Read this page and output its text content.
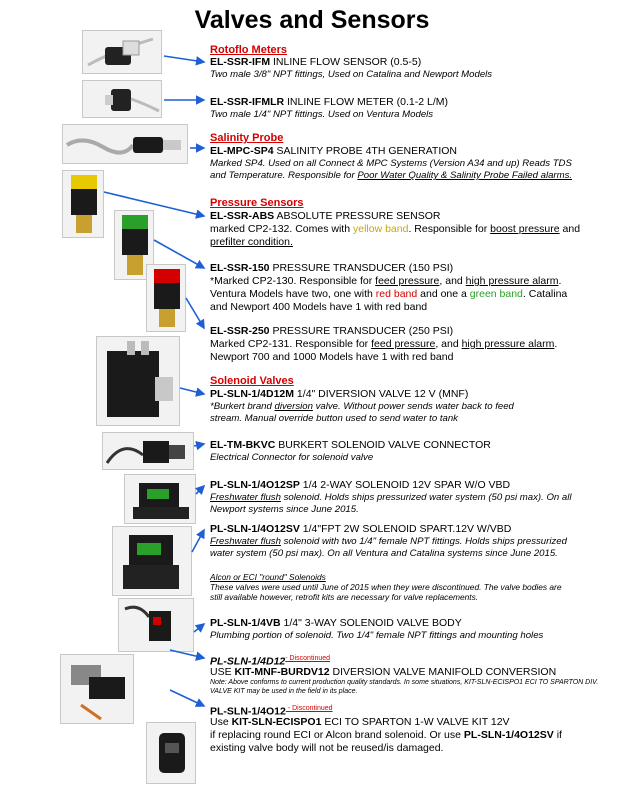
Valves and Sensors
Rotoflo Meters
EL-SSR-IFM INLINE FLOW SENSOR (0.5-5)
Two male 3/8" NPT fittings, Used on Catalina and Newport Models
EL-SSR-IFMLR INLINE FLOW METER (0.1-2 L/M)
Two male 1/4" NPT fittings. Used on Ventura Models
Salinity Probe
EL-MPC-SP4 SALINITY PROBE 4TH GENERATION
Marked SP4. Used on all Connect & MPC Systems (Version A34 and up) Reads TDS
and Temperature. Responsible for Poor Water Quality & Salinity Probe Failed alarms.
Pressure Sensors
EL-SSR-ABS ABSOLUTE PRESSURE SENSOR
marked CP2-132. Comes with yellow band. Responsible for boost pressure and
prefilter condition.
EL-SSR-150 PRESSURE TRANSDUCER (150 PSI)
*Marked CP2-130. Responsible for feed pressure, and high pressure alarm.
Ventura Models have two, one with red band and one a green band. Catalina
and Newport 400 Models have 1 with red band
EL-SSR-250 PRESSURE TRANSDUCER (250 PSI)
Marked CP2-131. Responsible for feed pressure, and high pressure alarm.
Newport 700 and 1000 Models have 1 with red band
Solenoid Valves
PL-SLN-1/4D12M 1/4" DIVERSION VALVE 12 V (MNF)
*Burkert brand diversion valve. Without power sends water back to feed
stream. Manual override button used to send water to tank
EL-TM-BKVC BURKERT SOLENOID VALVE CONNECTOR
Electrical Connector for solenoid valve
PL-SLN-1/4O12SP 1/4 2-WAY SOLENOID 12V SPAR W/O VBD
Freshwater flush solenoid. Holds ships pressurized water system (50 psi max). On all
Newport systems since June 2015.
PL-SLN-1/4O12SV 1/4"FPT 2W SOLENOID SPART.12V W/VBD
Freshwater flush solenoid with two 1/4" female NPT fittings. Holds ships pressurized
water system (50 psi max). On all Ventura and Catalina systems since June 2015.
Alcon or ECI "round" Solenoids
These valves were used until June of 2015 when they were discontinued. The valve bodies are
still available however, retrofit kits are necessary for valve replacements.
PL-SLN-1/4VB 1/4" 3-WAY SOLENOID VALVE BODY
Plumbing portion of solenoid. Two 1/4" female NPT fittings and mounting holes
$PL-SLN-1/4D12^{- Discontinued}$
USE KIT-MNF-BURDV12 DIVERSION VALVE MANIFOLD CONVERSION
Note: Above conforms to current production quality standards. In some situations, KIT-SLN-ECISPO1 ECI TO SPARTON DIV.
VALVE KIT may be used in the field in its place.
PL-SLN-1/4O12 $^{- Discontinued}$
Use KIT-SLN-ECISPO1 ECI TO SPARTON 1-W VALVE KIT 12V
if replacing round ECI or Alcon brand solenoid. Or use PL-SLN-1/4O12SV if
existing valve body will not be reused/is damaged.
